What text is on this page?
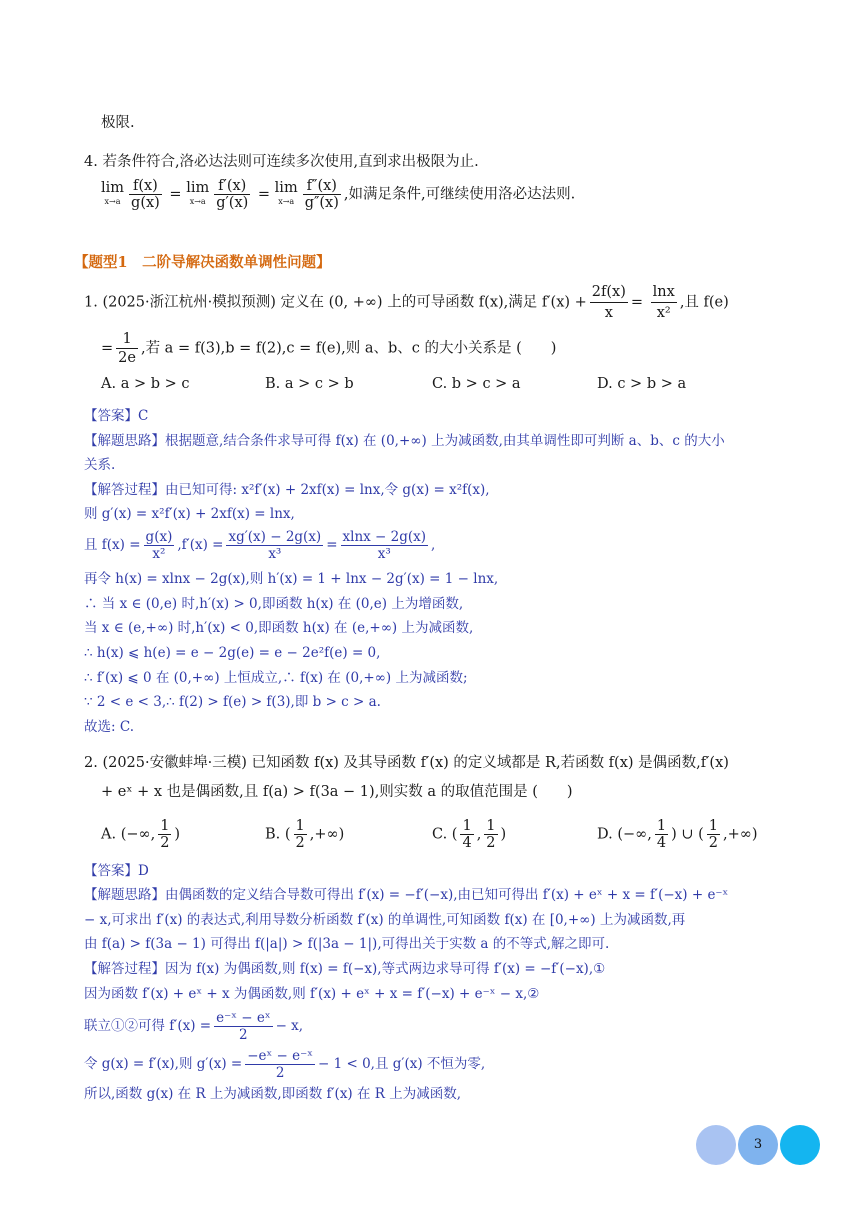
极限.
4. 若条件符合,洛必达法则可连续多次使用,直到求出极限为止.
lim
$x\to a \frac{f(x)}{g(x)} = \lim$
$x\to a \frac{f'(x)}{g'(x)} = \lim$
$x\to a \frac{f''(x)}{g''(x)}$ ,如满足条件,可继续使用洛必达法则.
【题型1　二阶导解决函数单调性问题】
1. (2025·浙江杭州·模拟预测) 定义在 (0, +∞) 上的可导函数 f(x),满足 $f'(x) + \frac{2f(x)}{x} = \frac{\ln x}{\text{x²}}$ ,且 f(e)
= $\frac{1}{2e}$ ,若 a = f(3),b = f(2),c = f(e),则 a、b、c 的大小关系是 (　　)
A. a > b > c	B. a > c > b	C. b > c > a	D. c > b > a
【答案】C
【解题思路】根据题意,结合条件求导可得 f(x) 在 (0,+∞) 上为减函数,由其单调性即可判断 a、b、c 的大小
关系.
【解答过程】由已知可得: x²f′(x) + 2xf(x) = lnx,令 g(x) = x²f(x),
则 g′(x) = x²f′(x) + 2xf(x) = lnx,
且 $f(x) = \frac{g(x)}{\text{x²}} ,f'(x) = \frac{xg'(x) - 2g(x)}{\text{x³}} = \frac{xlnx - 2g(x)}{\text{x³}}$ ,
再令 h(x) = xlnx − 2g(x),则 h′(x) = 1 + lnx − 2g′(x) = 1 − lnx,
∴ 当 x ∈ (0,e) 时,h′(x) > 0,即函数 h(x) 在 (0,e) 上为增函数,
当 x ∈ (e,+∞) 时,h′(x) < 0,即函数 h(x) 在 (e,+∞) 上为减函数,
∴ h(x) ⩽ h(e) = e − 2g(e) = e − 2e²f(e) = 0,
∴ f′(x) ⩽ 0 在 (0,+∞) 上恒成立,∴ f(x) 在 (0,+∞) 上为减函数;
∵ 2 < e < 3,∴ f(2) > f(e) > f(3),即 b > c > a.
故选: C.
2. (2025·安徽蚌埠·三模) 已知函数 f(x) 及其导函数 f′(x) 的定义域都是 R,若函数 f(x) 是偶函数,f′(x)
+ eˣ + x 也是偶函数,且 f(a) > f(3a − 1),则实数 a 的取值范围是 (　　)
A. (−∞, $\frac{1}{2}$ )	B. ( $\frac{1}{2}$ ,+∞)	C. ( $\frac{1}{4}$ , $\frac{1}{2}$ )	D. (−∞, $\frac{1}{4}$ ) ∪ ( $\frac{1}{2}$ ,+∞)
【答案】D
【解题思路】由偶函数的定义结合导数可得出 f′(x) = −f′(−x),由已知可得出 f′(x) + eˣ + x = f′(−x) + e⁻ˣ
− x,可求出 f′(x) 的表达式,利用导数分析函数 f′(x) 的单调性,可知函数 f(x) 在 [0,+∞) 上为减函数,再
由 f(a) > f(3a − 1) 可得出 f(|a|) > f(|3a − 1|),可得出关于实数 a 的不等式,解之即可.
【解答过程】因为 f(x) 为偶函数,则 f(x) = f(−x),等式两边求导可得 f′(x) = −f′(−x),①
因为函数 f′(x) + eˣ + x 为偶函数,则 f′(x) + eˣ + x = f′(−x) + e⁻ˣ − x,②
联立①②可得 $f'(x) = \frac{\text{e⁻ˣ − eˣ}}{2} - x$,
令 g(x) = f′(x),则 $g'(x) = \frac{\text{−eˣ − e⁻ˣ}}{2} - 1 < 0$,且 g′(x) 不恒为零,
所以,函数 g(x) 在 R 上为减函数,即函数 f′(x) 在 R 上为减函数,
3
